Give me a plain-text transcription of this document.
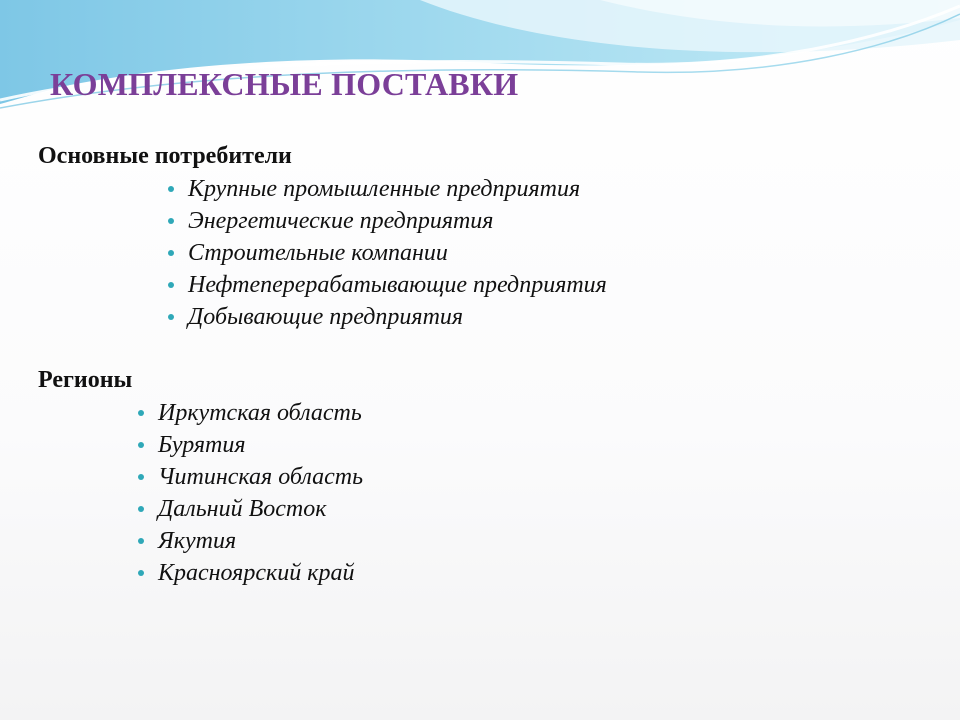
КОМПЛЕКСНЫЕ ПОСТАВКИ
Основные потребители
Крупные промышленные предприятия
Энергетические предприятия
Строительные компании
Нефтеперерабатывающие предприятия
Добывающие предприятия
Регионы
Иркутская область
Бурятия
Читинская область
Дальний Восток
Якутия
Красноярский край
